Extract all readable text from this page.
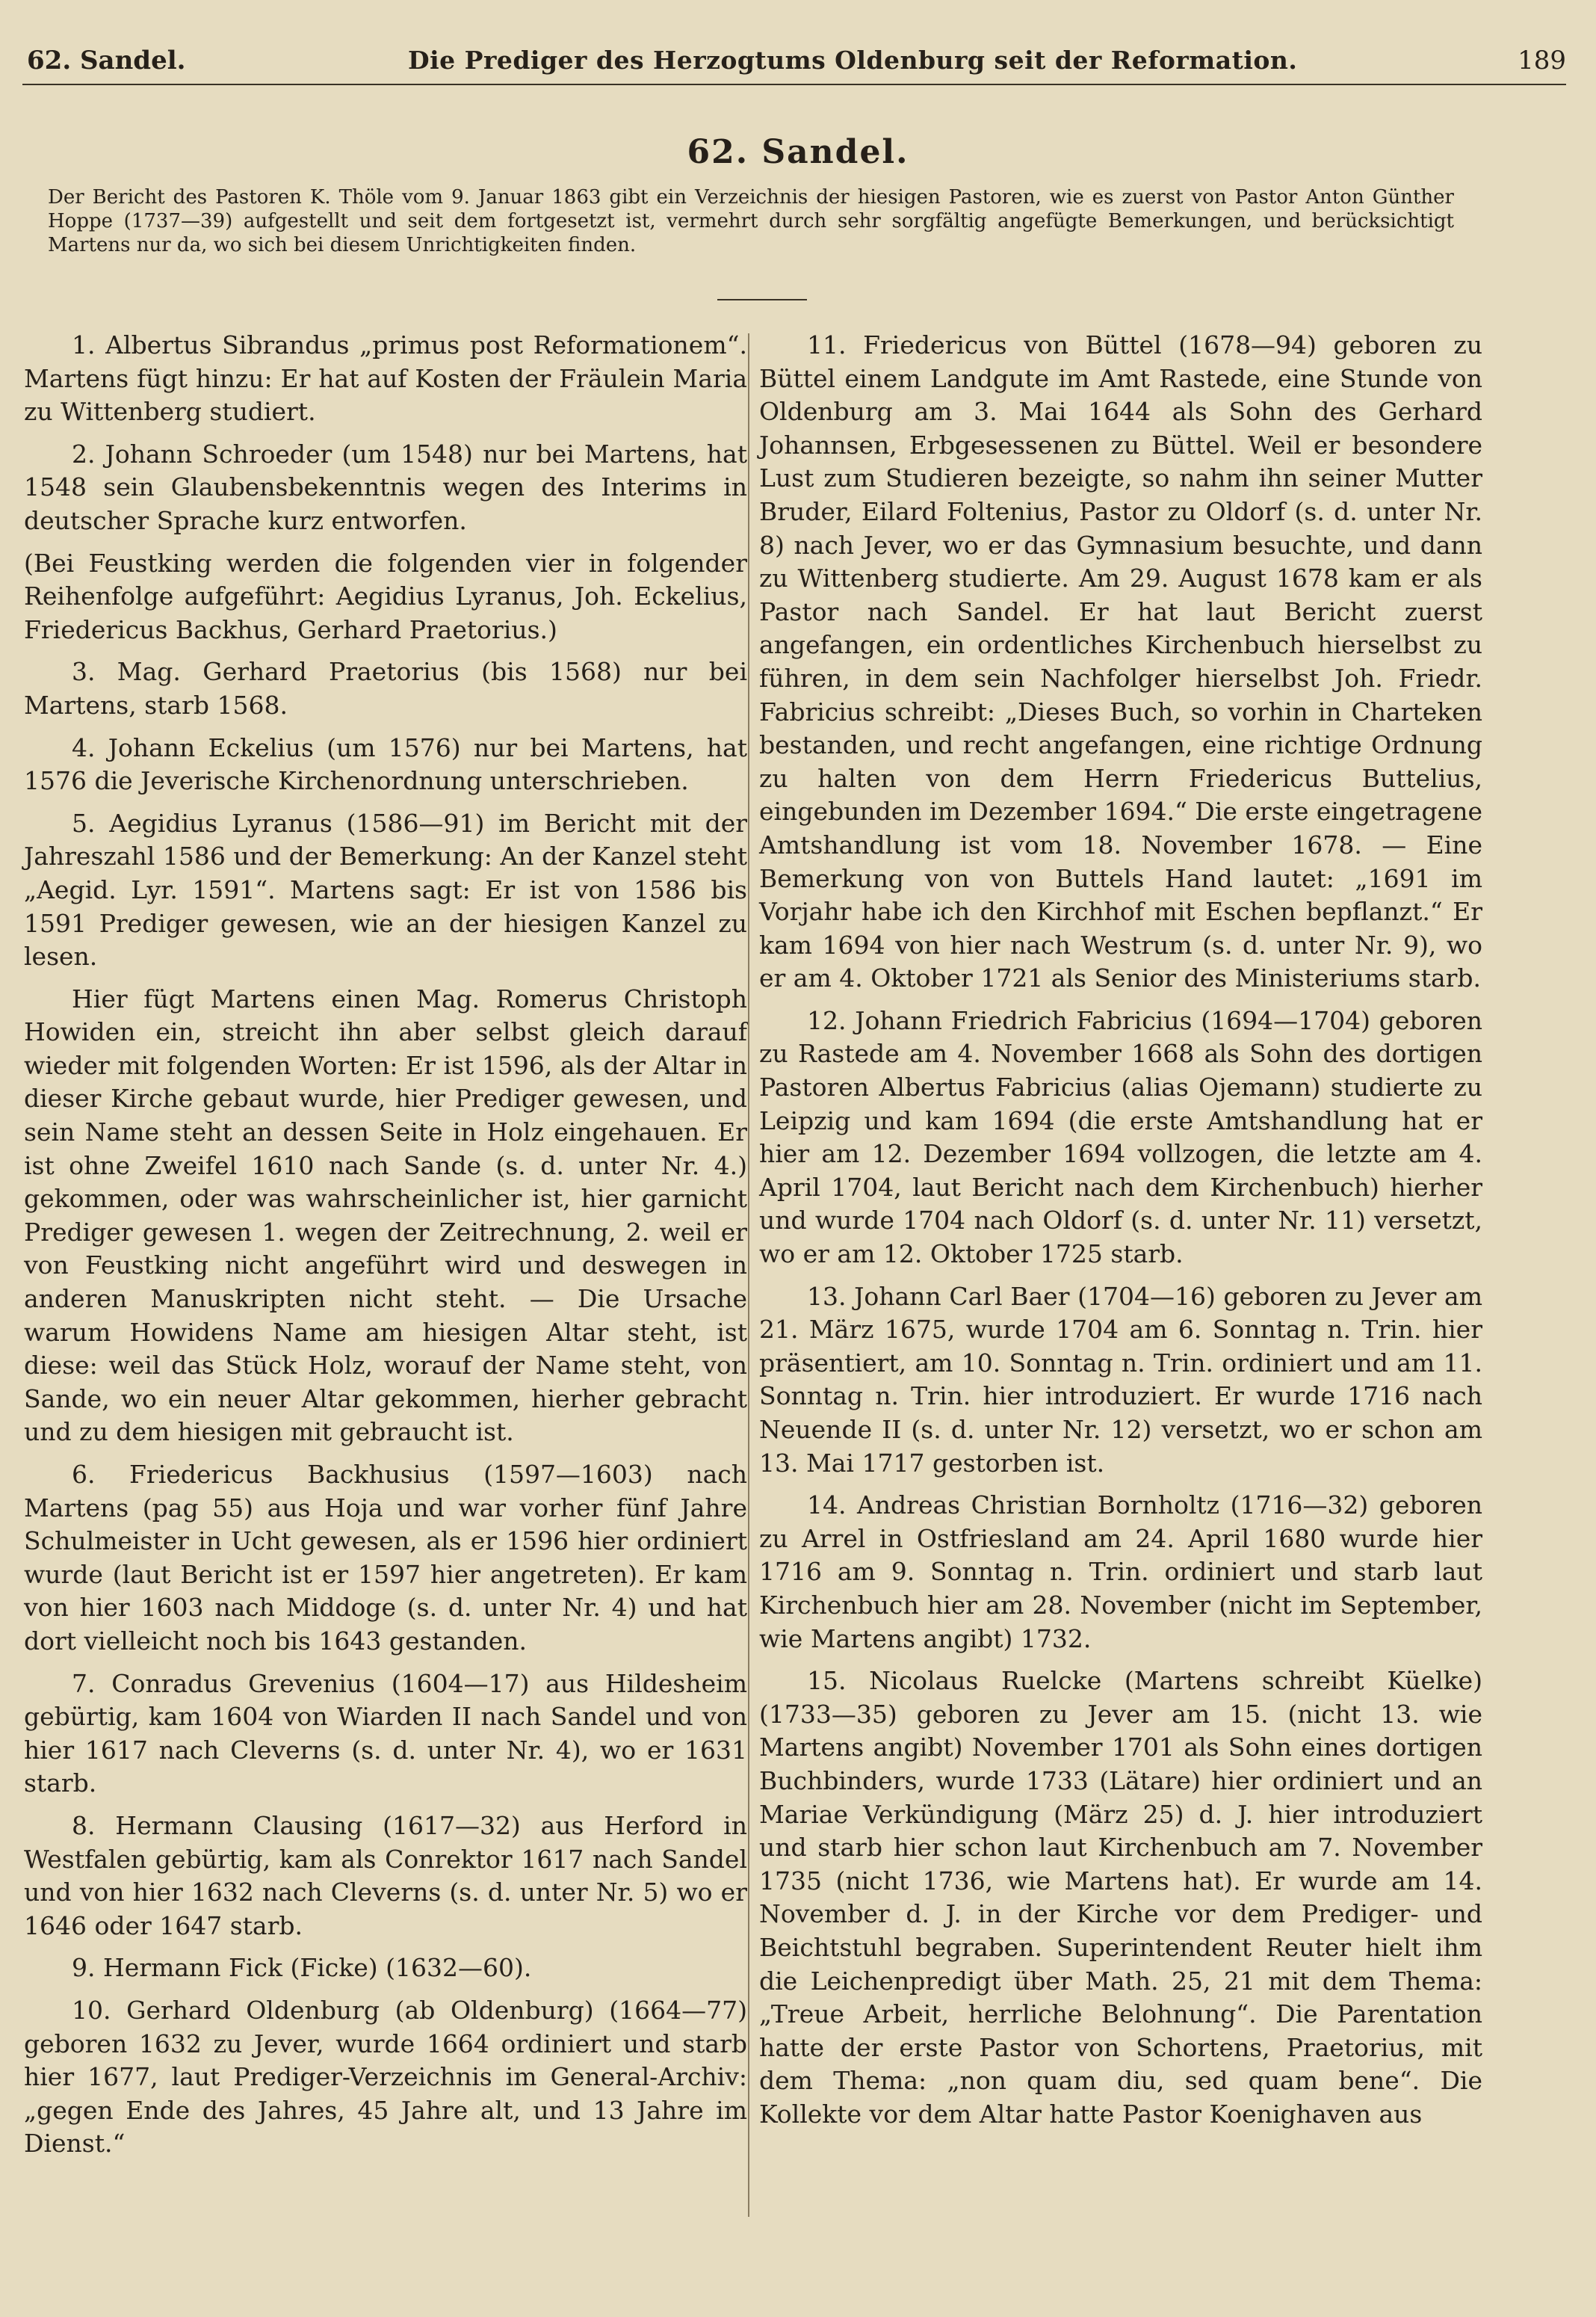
62. Sandel.	Die Prediger des Herzogtums Oldenburg seit der Reformation.	189
62. Sandel.

Der Bericht des Pastoren K. Thöle vom 9. Januar 1863 gibt ein Verzeichnis der hiesigen Pastoren, wie es zuerst von Pastor Anton Günther Hoppe (1737—39) aufgestellt und seit dem fortgesetzt ist, vermehrt durch sehr sorgfältig angefügte Bemerkungen, und berücksichtigt Martens nur da, wo sich bei diesem Unrichtigkeiten finden.

1. Albertus Sibrandus „primus post Reformationem“. Martens fügt hinzu: Er hat auf Kosten der Fräulein Maria zu Wittenberg studiert.

2. Johann Schroeder (um 1548) nur bei Martens, hat 1548 sein Glaubensbekenntnis wegen des Interims in deutscher Sprache kurz entworfen.

(Bei Feustking werden die folgenden vier in folgender Reihenfolge aufgeführt: Aegidius Lyranus, Joh. Eckelius, Friedericus Backhus, Gerhard Praetorius.)

3. Mag. Gerhard Praetorius (bis 1568) nur bei Martens, starb 1568.

4. Johann Eckelius (um 1576) nur bei Martens, hat 1576 die Jeverische Kirchenordnung unterschrieben.

5. Aegidius Lyranus (1586—91) im Bericht mit der Jahreszahl 1586 und der Bemerkung: An der Kanzel steht „Aegid. Lyr. 1591“. Martens sagt: Er ist von 1586 bis 1591 Prediger gewesen, wie an der hiesigen Kanzel zu lesen.

Hier fügt Martens einen Mag. Romerus Christoph Howiden ein, streicht ihn aber selbst gleich darauf wieder mit folgenden Worten: Er ist 1596, als der Altar in dieser Kirche gebaut wurde, hier Prediger gewesen, und sein Name steht an dessen Seite in Holz eingehauen. Er ist ohne Zweifel 1610 nach Sande (s. d. unter Nr. 4.) gekommen, oder was wahrscheinlicher ist, hier garnicht Prediger gewesen 1. wegen der Zeitrechnung, 2. weil er von Feustking nicht angeführt wird und deswegen in anderen Manuskripten nicht steht. — Die Ursache warum Howidens Name am hiesigen Altar steht, ist diese: weil das Stück Holz, worauf der Name steht, von Sande, wo ein neuer Altar gekommen, hierher gebracht und zu dem hiesigen mit gebraucht ist.

6. Friedericus Backhusius (1597—1603) nach Martens (pag 55) aus Hoja und war vorher fünf Jahre Schulmeister in Ucht gewesen, als er 1596 hier ordiniert wurde (laut Bericht ist er 1597 hier angetreten). Er kam von hier 1603 nach Middoge (s. d. unter Nr. 4) und hat dort vielleicht noch bis 1643 gestanden.

7. Conradus Grevenius (1604—17) aus Hildesheim gebürtig, kam 1604 von Wiarden II nach Sandel und von hier 1617 nach Cleverns (s. d. unter Nr. 4), wo er 1631 starb.

8. Hermann Clausing (1617—32) aus Herford in Westfalen gebürtig, kam als Conrektor 1617 nach Sandel und von hier 1632 nach Cleverns (s. d. unter Nr. 5) wo er 1646 oder 1647 starb.

9. Hermann Fick (Ficke) (1632—60).

10. Gerhard Oldenburg (ab Oldenburg) (1664—77) geboren 1632 zu Jever, wurde 1664 ordiniert und starb hier 1677, laut Prediger-Verzeichnis im General-Archiv: „gegen Ende des Jahres, 45 Jahre alt, und 13 Jahre im Dienst.“

11. Friedericus von Büttel (1678—94) geboren zu Büttel einem Landgute im Amt Rastede, eine Stunde von Oldenburg am 3. Mai 1644 als Sohn des Gerhard Johannsen, Erbgesessenen zu Büttel. Weil er besondere Lust zum Studieren bezeigte, so nahm ihn seiner Mutter Bruder, Eilard Foltenius, Pastor zu Oldorf (s. d. unter Nr. 8) nach Jever, wo er das Gymnasium besuchte, und dann zu Wittenberg studierte. Am 29. August 1678 kam er als Pastor nach Sandel. Er hat laut Bericht zuerst angefangen, ein ordentliches Kirchenbuch hierselbst zu führen, in dem sein Nachfolger hierselbst Joh. Friedr. Fabricius schreibt: „Dieses Buch, so vorhin in Charteken bestanden, und recht angefangen, eine richtige Ordnung zu halten von dem Herrn Friedericus Buttelius, eingebunden im Dezember 1694.“ Die erste eingetragene Amtshandlung ist vom 18. November 1678. — Eine Bemerkung von von Buttels Hand lautet: „1691 im Vorjahr habe ich den Kirchhof mit Eschen bepflanzt.“ Er kam 1694 von hier nach Westrum (s. d. unter Nr. 9), wo er am 4. Oktober 1721 als Senior des Ministeriums starb.

12. Johann Friedrich Fabricius (1694—1704) geboren zu Rastede am 4. November 1668 als Sohn des dortigen Pastoren Albertus Fabricius (alias Ojemann) studierte zu Leipzig und kam 1694 (die erste Amtshandlung hat er hier am 12. Dezember 1694 vollzogen, die letzte am 4. April 1704, laut Bericht nach dem Kirchenbuch) hierher und wurde 1704 nach Oldorf (s. d. unter Nr. 11) versetzt, wo er am 12. Oktober 1725 starb.

13. Johann Carl Baer (1704—16) geboren zu Jever am 21. März 1675, wurde 1704 am 6. Sonntag n. Trin. hier präsentiert, am 10. Sonntag n. Trin. ordiniert und am 11. Sonntag n. Trin. hier introduziert. Er wurde 1716 nach Neuende II (s. d. unter Nr. 12) versetzt, wo er schon am 13. Mai 1717 gestorben ist.

14. Andreas Christian Bornholtz (1716—32) geboren zu Arrel in Ostfriesland am 24. April 1680 wurde hier 1716 am 9. Sonntag n. Trin. ordiniert und starb laut Kirchenbuch hier am 28. November (nicht im September, wie Martens angibt) 1732.

15. Nicolaus Ruelcke (Martens schreibt Küelke) (1733—35) geboren zu Jever am 15. (nicht 13. wie Martens angibt) November 1701 als Sohn eines dortigen Buchbinders, wurde 1733 (Lätare) hier ordiniert und an Mariae Verkündigung (März 25) d. J. hier introduziert und starb hier schon laut Kirchenbuch am 7. November 1735 (nicht 1736, wie Martens hat). Er wurde am 14. November d. J. in der Kirche vor dem Prediger- und Beichtstuhl begraben. Superintendent Reuter hielt ihm die Leichenpredigt über Math. 25, 21 mit dem Thema: „Treue Arbeit, herrliche Belohnung“. Die Parentation hatte der erste Pastor von Schortens, Praetorius, mit dem Thema: „non quam diu, sed quam bene“. Die Kollekte vor dem Altar hatte Pastor Koenighaven aus
